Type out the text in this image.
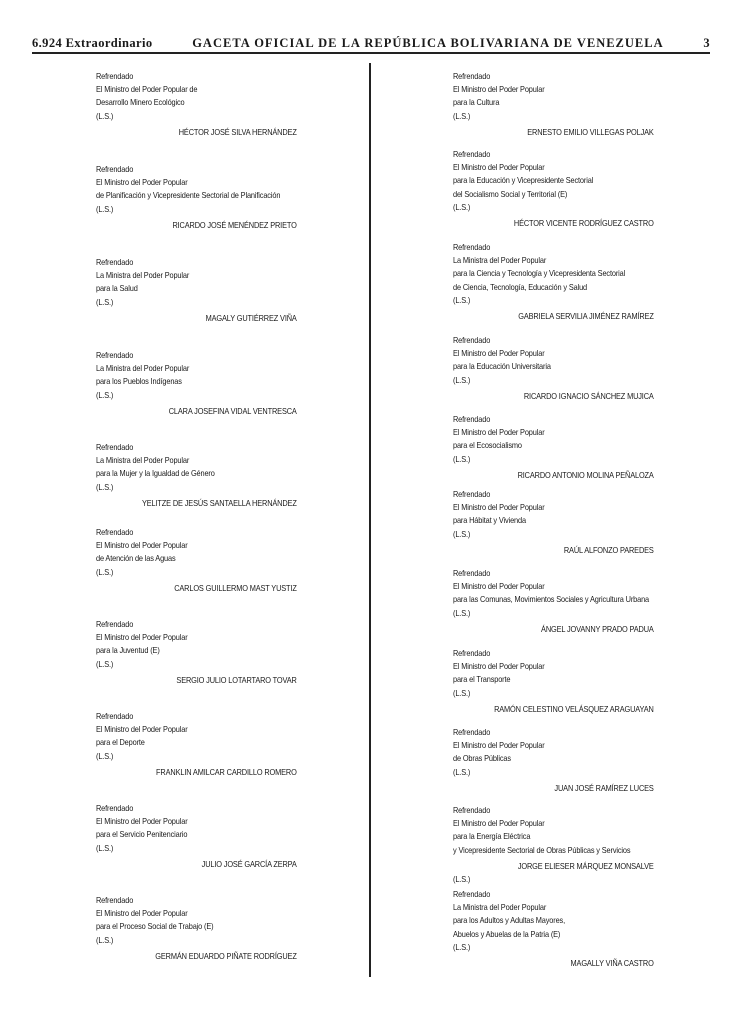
6.924 Extraordinario	GACETA OFICIAL DE LA REPÚBLICA BOLIVARIANA DE VENEZUELA	3
Refrendado
El Ministro del Poder Popular de
Desarrollo Minero Ecológico
(L.S.)
HÉCTOR JOSÉ SILVA HERNÁNDEZ
Refrendado
El Ministro del Poder Popular
de Planificación y Vicepresidente Sectorial de Planificación
(L.S.)
RICARDO JOSÉ MENÉNDEZ PRIETO
Refrendado
La Ministra del Poder Popular
para la Salud
(L.S.)
MAGALY GUTIÉRREZ VIÑA
Refrendado
La Ministra del Poder Popular
para los Pueblos Indígenas
(L.S.)
CLARA JOSEFINA VIDAL VENTRESCA
Refrendado
La Ministra del Poder Popular
para la Mujer y la Igualdad de Género
(L.S.)
YELITZE DE JESÚS SANTAELLA HERNÁNDEZ
Refrendado
El Ministro del Poder Popular
de Atención de las Aguas
(L.S.)
CARLOS GUILLERMO MAST YUSTIZ
Refrendado
El Ministro del Poder Popular
para la Juventud (E)
(L.S.)
SERGIO JULIO LOTARTARO TOVAR
Refrendado
El Ministro del Poder Popular
para el Deporte
(L.S.)
FRANKLIN AMILCAR CARDILLO ROMERO
Refrendado
El Ministro del Poder Popular
para el Servicio Penitenciario
(L.S.)
JULIO JOSÉ GARCÍA ZERPA
Refrendado
El Ministro del Poder Popular
para el Proceso Social de Trabajo (E)
(L.S.)
GERMÁN EDUARDO PIÑATE RODRÍGUEZ
Refrendado
El Ministro del Poder Popular
para la Cultura
(L.S.)
ERNESTO EMILIO VILLEGAS POLJAK
Refrendado
El Ministro del Poder Popular
para la Educación y Vicepresidente Sectorial
del Socialismo Social y Territorial (E)
(L.S.)
HÉCTOR VICENTE RODRÍGUEZ CASTRO
Refrendado
La Ministra del Poder Popular
para la Ciencia y Tecnología y Vicepresidenta Sectorial
de Ciencia, Tecnología, Educación y Salud
(L.S.)
GABRIELA SERVILIA JIMÉNEZ RAMÍREZ
Refrendado
El Ministro del Poder Popular
para la Educación Universitaria
(L.S.)
RICARDO IGNACIO SÁNCHEZ MUJICA
Refrendado
El Ministro del Poder Popular
para el Ecosocialismo
(L.S.)
RICARDO ANTONIO MOLINA PEÑALOZA
Refrendado
El Ministro del Poder Popular
para Hábitat y Vivienda
(L.S.)
RAÚL ALFONZO PAREDES
Refrendado
El Ministro del Poder Popular
para las Comunas, Movimientos Sociales y Agricultura Urbana
(L.S.)
ÁNGEL JOVANNY PRADO PADUA
Refrendado
El Ministro del Poder Popular
para el Transporte
(L.S.)
RAMÓN CELESTINO VELÁSQUEZ ARAGUAYAN
Refrendado
El Ministro del Poder Popular
de Obras Públicas
(L.S.)
JUAN JOSÉ RAMÍREZ LUCES
Refrendado
El Ministro del Poder Popular
para la Energía Eléctrica
y Vicepresidente Sectorial de Obras Públicas y Servicios
JORGE ELIESER MÁRQUEZ MONSALVE
(L.S.)
Refrendado
La Ministra del Poder Popular
para los Adultos y Adultas Mayores,
Abuelos y Abuelas de la Patria (E)
(L.S.)
MAGALLY VIÑA CASTRO
